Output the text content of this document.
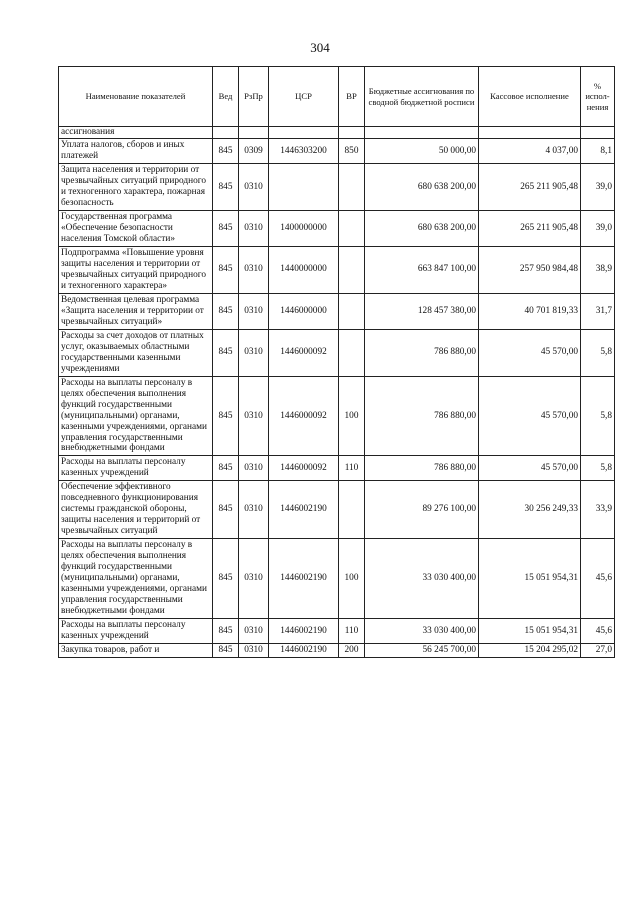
304
Наименование показателей	Вед	РзПр	ЦСР	ВР	Бюджетные ассигнования по сводной бюджетной росписи	Кассовое исполнение	% испол- нения
ассигнования							
Уплата налогов, сборов и иных платежей	845	0309	1446303200	850	50 000,00	4 037,00	8,1
Защита населения и территории от чрезвычайных ситуаций природного и техногенного характера, пожарная безопасность	845	0310			680 638 200,00	265 211 905,48	39,0
Государственная программа «Обеспечение безопасности населения Томской области»	845	0310	1400000000		680 638 200,00	265 211 905,48	39,0
Подпрограмма «Повышение уровня защиты населения и территории от чрезвычайных ситуаций природного и техногенного характера»	845	0310	1440000000		663 847 100,00	257 950 984,48	38,9
Ведомственная целевая программа «Защита населения и территории от чрезвычайных ситуаций»	845	0310	1446000000		128 457 380,00	40 701 819,33	31,7
Расходы за счет доходов от платных услуг, оказываемых областными государственными казенными учреждениями	845	0310	1446000092		786 880,00	45 570,00	5,8
Расходы на выплаты персоналу в целях обеспечения выполнения функций государственными (муниципальными) органами, казенными учреждениями, органами управления государственными внебюджетными фондами	845	0310	1446000092	100	786 880,00	45 570,00	5,8
Расходы на выплаты персоналу казенных учреждений	845	0310	1446000092	110	786 880,00	45 570,00	5,8
Обеспечение эффективного повседневного функционирования системы гражданской обороны, защиты населения и территорий от чрезвычайных ситуаций	845	0310	1446002190		89 276 100,00	30 256 249,33	33,9
Расходы на выплаты персоналу в целях обеспечения выполнения функций государственными (муниципальными) органами, казенными учреждениями, органами управления государственными внебюджетными фондами	845	0310	1446002190	100	33 030 400,00	15 051 954,31	45,6
Расходы на выплаты персоналу казенных учреждений	845	0310	1446002190	110	33 030 400,00	15 051 954,31	45,6
Закупка товаров, работ и	845	0310	1446002190	200	56 245 700,00	15 204 295,02	27,0
